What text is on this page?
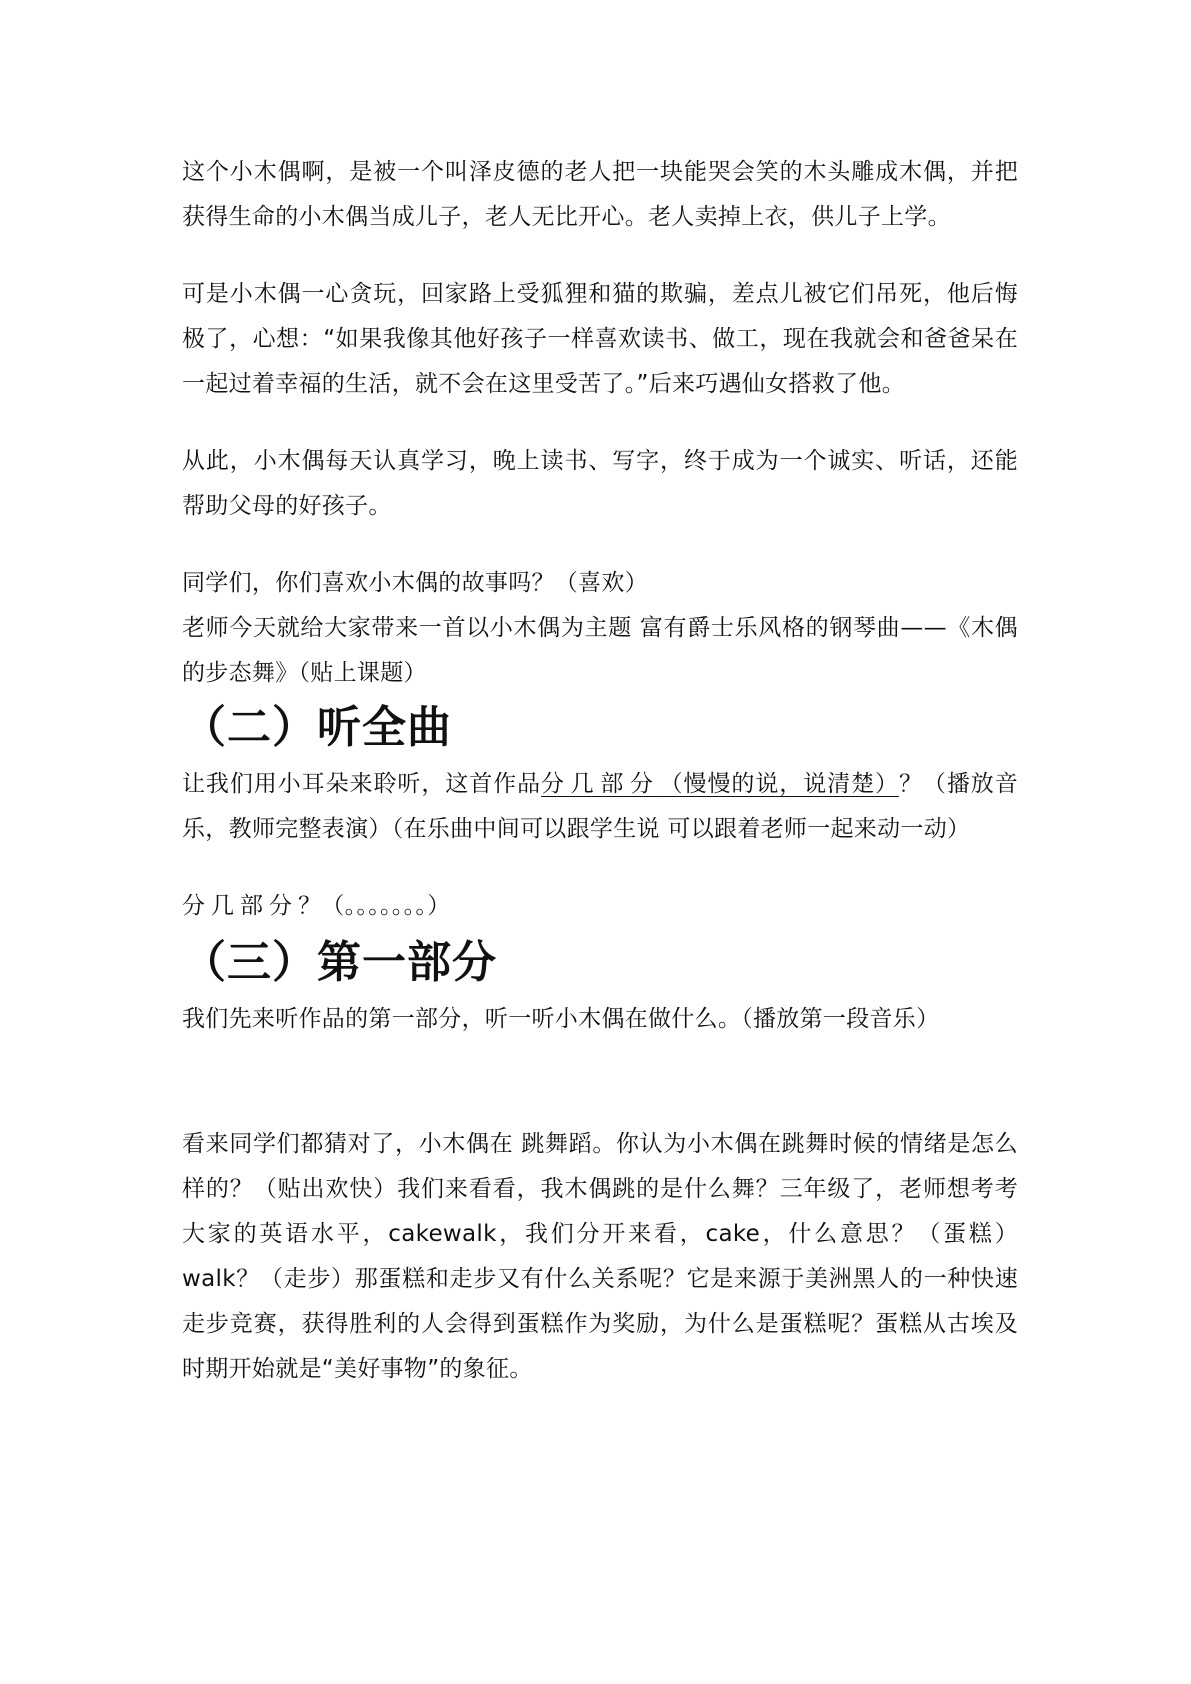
这个小木偶啊，是被一个叫泽皮德的老人把一块能哭会笑的木头雕成木偶，并把获得生命的小木偶当成儿子，老人无比开心。老人卖掉上衣，供儿子上学。

可是小木偶一心贪玩，回家路上受狐狸和猫的欺骗，差点儿被它们吊死，他后悔极了，心想：“如果我像其他好孩子一样喜欢读书、做工，现在我就会和爸爸呆在一起过着幸福的生活，就不会在这里受苦了。”后来巧遇仙女搭救了他。

从此，小木偶每天认真学习，晚上读书、写字，终于成为一个诚实、听话，还能帮助父母的好孩子。

同学们，你们喜欢小木偶的故事吗？（喜欢）

老师今天就给大家带来一首以小木偶为主题 富有爵士乐风格的钢琴曲——《木偶的步态舞》（贴上课题）

（二）听全曲

让我们用小耳朵来聆听，这首作品分几部分（慢慢的说，说清楚）？（播放音乐，教师完整表演）（在乐曲中间可以跟学生说 可以跟着老师一起来动一动）

分几部分？（。。。。。。。）

（三）第一部分

我们先来听作品的第一部分，听一听小木偶在做什么。（播放第一段音乐）

看来同学们都猜对了，小木偶在 跳舞蹈。你认为小木偶在跳舞时候的情绪是怎么样的？（贴出欢快）我们来看看，我木偶跳的是什么舞？三年级了，老师想考考大家的英语水平，cakewalk，我们分开来看，cake，什么意思？（蛋糕）walk？（走步）那蛋糕和走步又有什么关系呢？它是来源于美洲黑人的一种快速走步竞赛，获得胜利的人会得到蛋糕作为奖励，为什么是蛋糕呢？蛋糕从古埃及时期开始就是“美好事物”的象征。
